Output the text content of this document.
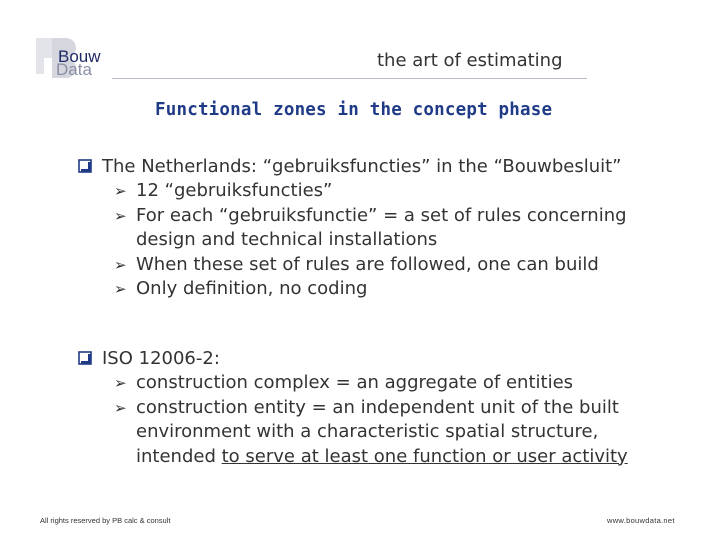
Bouw
Data	the art of estimating
Functional zones in the concept phase
The Netherlands: “gebruiksfuncties” in the “Bouwbesluit”
➢ 12 “gebruiksfuncties”
➢ For each “gebruiksfunctie” = a set of rules concerning
design and technical installations
➢ When these set of rules are followed, one can build
➢ Only definition, no coding
ISO 12006-2:
➢ construction complex = an aggregate of entities
➢ construction entity = an independent unit of the built
environment with a characteristic spatial structure,
intended to serve at least one function or user activity
All rights reserved by PB calc & consult	www.bouwdata.net
